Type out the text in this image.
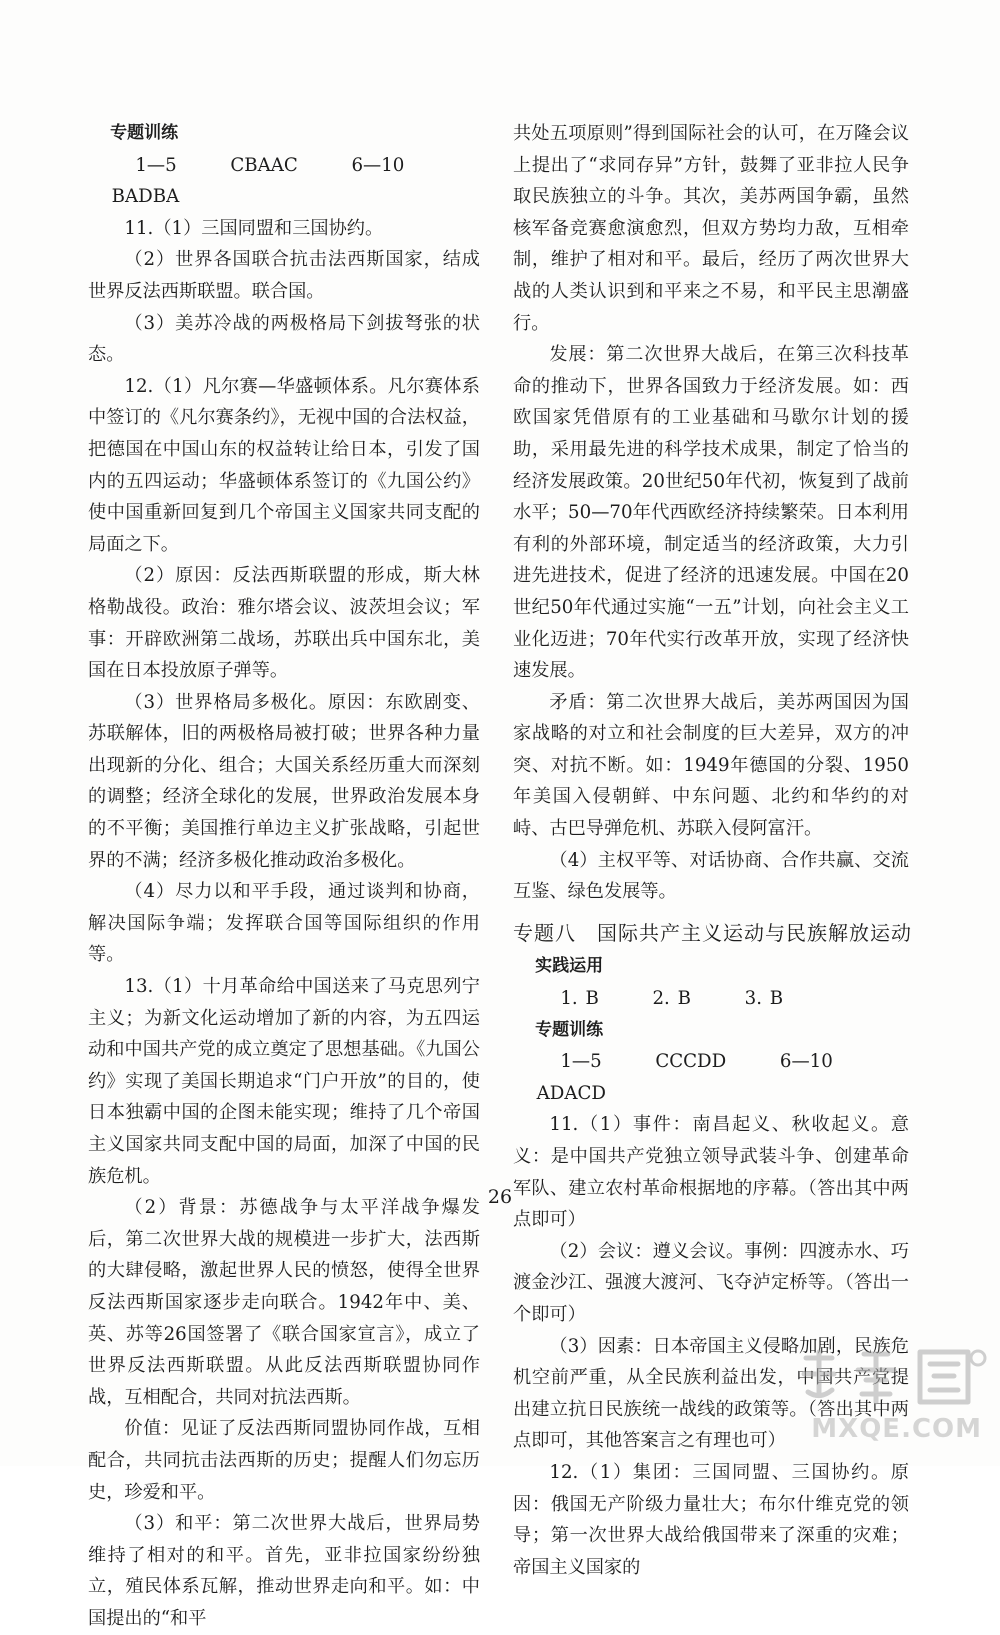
专题训练

1—5	CBAAC	6—10BADBA

11.（1）三国同盟和三国协约。

（2）世界各国联合抗击法西斯国家，结成世界反法西斯联盟。联合国。

（3）美苏冷战的两极格局下剑拔弩张的状态。

12.（1）凡尔赛—华盛顿体系。凡尔赛体系中签订的《凡尔赛条约》，无视中国的合法权益，把德国在中国山东的权益转让给日本，引发了国内的五四运动；华盛顿体系签订的《九国公约》使中国重新回复到几个帝国主义国家共同支配的局面之下。

（2）原因：反法西斯联盟的形成，斯大林格勒战役。政治：雅尔塔会议、波茨坦会议；军事：开辟欧洲第二战场，苏联出兵中国东北，美国在日本投放原子弹等。

（3）世界格局多极化。原因：东欧剧变、苏联解体，旧的两极格局被打破；世界各种力量出现新的分化、组合；大国关系经历重大而深刻的调整；经济全球化的发展，世界政治发展本身的不平衡；美国推行单边主义扩张战略，引起世界的不满；经济多极化推动政治多极化。

（4）尽力以和平手段，通过谈判和协商，解决国际争端；发挥联合国等国际组织的作用等。

13.（1）十月革命给中国送来了马克思列宁主义；为新文化运动增加了新的内容，为五四运动和中国共产党的成立奠定了思想基础。《九国公约》实现了美国长期追求“门户开放”的目的，使日本独霸中国的企图未能实现；维持了几个帝国主义国家共同支配中国的局面，加深了中国的民族危机。

（2）背景：苏德战争与太平洋战争爆发后，第二次世界大战的规模进一步扩大，法西斯的大肆侵略，激起世界人民的愤怒，使得全世界反法西斯国家逐步走向联合。1942年中、美、英、苏等26国签署了《联合国家宣言》，成立了世界反法西斯联盟。从此反法西斯联盟协同作战，互相配合，共同对抗法西斯。

价值：见证了反法西斯同盟协同作战，互相配合，共同抗击法西斯的历史；提醒人们勿忘历史，珍爱和平。

（3）和平：第二次世界大战后，世界局势维持了相对的和平。首先，亚非拉国家纷纷独立，殖民体系瓦解，推动世界走向和平。如：中国提出的“和平

共处五项原则”得到国际社会的认可，在万隆会议上提出了“求同存异”方针，鼓舞了亚非拉人民争取民族独立的斗争。其次，美苏两国争霸，虽然核军备竞赛愈演愈烈，但双方势均力敌，互相牵制，维护了相对和平。最后，经历了两次世界大战的人类认识到和平来之不易，和平民主思潮盛行。

发展：第二次世界大战后，在第三次科技革命的推动下，世界各国致力于经济发展。如：西欧国家凭借原有的工业基础和马歇尔计划的援助，采用最先进的科学技术成果，制定了恰当的经济发展政策。20世纪50年代初，恢复到了战前水平；50—70年代西欧经济持续繁荣。日本利用有利的外部环境，制定适当的经济政策，大力引进先进技术，促进了经济的迅速发展。中国在20世纪50年代通过实施“一五”计划，向社会主义工业化迈进；70年代实行改革开放，实现了经济快速发展。

矛盾：第二次世界大战后，美苏两国因为国家战略的对立和社会制度的巨大差异，双方的冲突、对抗不断。如：1949年德国的分裂、1950年美国入侵朝鲜、中东问题、北约和华约的对峙、古巴导弹危机、苏联入侵阿富汗。

（4）主权平等、对话协商、合作共赢、交流互鉴、绿色发展等。

专题八　国际共产主义运动与民族解放运动

实践运用

1. B	2. B	3. B

专题训练

1—5	CCCDD	6—10ADACD

11.（1）事件：南昌起义、秋收起义。意义：是中国共产党独立领导武装斗争、创建革命军队、建立农村革命根据地的序幕。（答出其中两点即可）

（2）会议：遵义会议。事例：四渡赤水、巧渡金沙江、强渡大渡河、飞夺泸定桥等。（答出一个即可）

（3）因素：日本帝国主义侵略加剧，民族危机空前严重，从全民族利益出发，中国共产党提出建立抗日民族统一战线的政策等。（答出其中两点即可，其他答案言之有理也可）

12.（1）集团：三国同盟、三国协约。原因：俄国无产阶级力量壮大；布尔什维克党的领导；第一次世界大战给俄国带来了深重的灾难；帝国主义国家的

26
MXQE.COM
